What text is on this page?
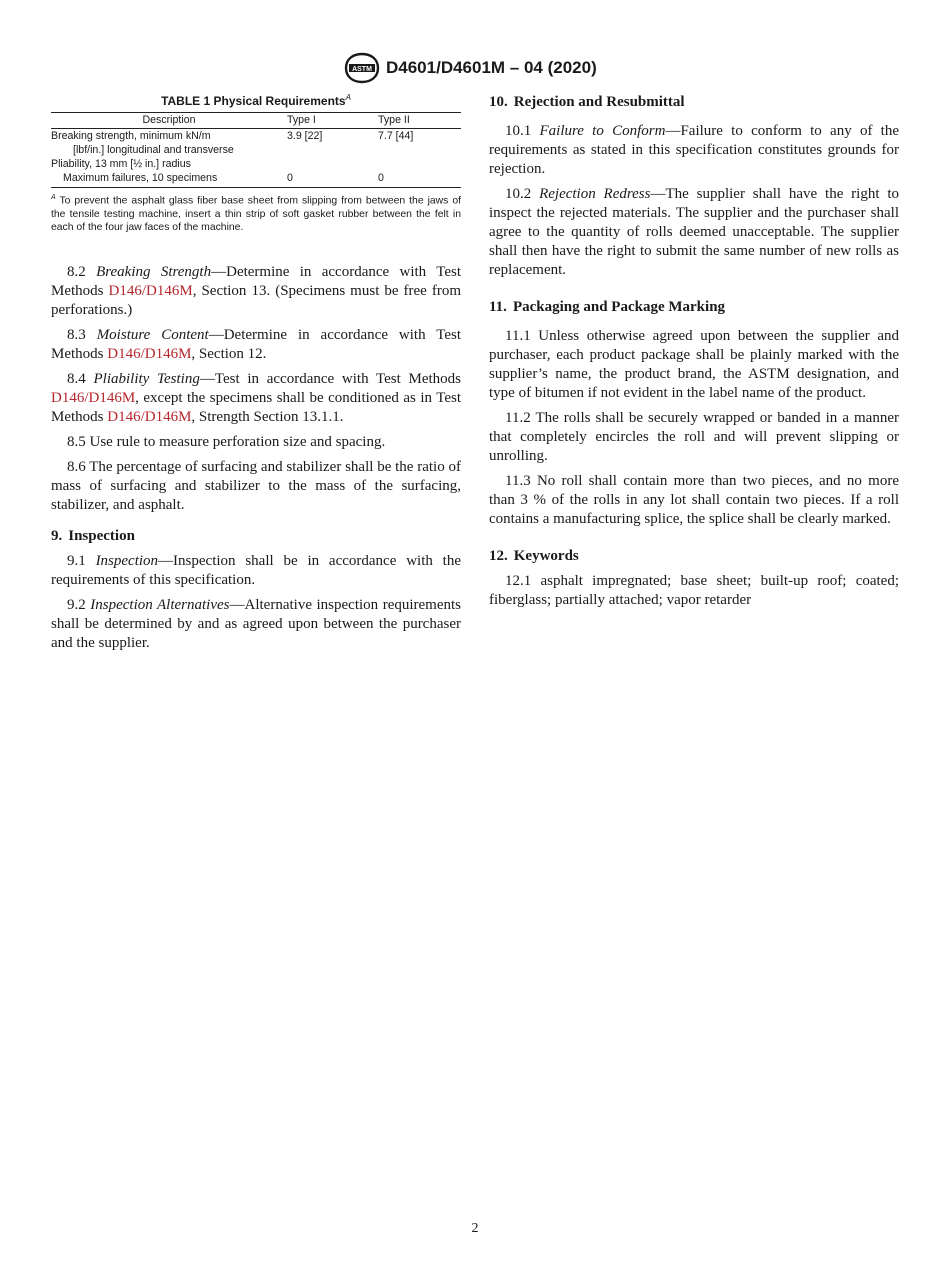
ASTM D4601/D4601M – 04 (2020)
TABLE 1 Physical Requirements$^A$
Description	Type I	Type II
Breaking strength, minimum kN/m	3.9 [22]	7.7 [44]
[lbf/in.] longitudinal and transverse		
Pliability, 13 mm [½ in.] radius		
Maximum failures, 10 specimens	0	0

$^A$ To prevent the asphalt glass fiber base sheet from slipping from between the jaws of the tensile testing machine, insert a thin strip of soft gasket rubber between the felt in each of the four jaw faces of the machine.

8.2 Breaking Strength—Determine in accordance with Test Methods D146/D146M, Section 13. (Specimens must be free from perforations.)

8.3 Moisture Content—Determine in accordance with Test Methods D146/D146M, Section 12.

8.4 Pliability Testing—Test in accordance with Test Methods D146/D146M, except the specimens shall be conditioned as in Test Methods D146/D146M, Strength Section 13.1.1.

8.5 Use rule to measure perforation size and spacing.

8.6 The percentage of surfacing and stabilizer shall be the ratio of mass of surfacing and stabilizer to the mass of the surfacing, stabilizer, and asphalt.

9. Inspection

9.1 Inspection—Inspection shall be in accordance with the requirements of this specification.

9.2 Inspection Alternatives—Alternative inspection requirements shall be determined by and as agreed upon between the purchaser and the supplier.

10. Rejection and Resubmittal

10.1 Failure to Conform—Failure to conform to any of the requirements as stated in this specification constitutes grounds for rejection.

10.2 Rejection Redress—The supplier shall have the right to inspect the rejected materials. The supplier and the purchaser shall agree to the quantity of rolls deemed unacceptable. The supplier shall then have the right to submit the same number of new rolls as replacement.

11. Packaging and Package Marking

11.1 Unless otherwise agreed upon between the supplier and purchaser, each product package shall be plainly marked with the supplier’s name, the product brand, the ASTM designation, and type of bitumen if not evident in the label name of the product.

11.2 The rolls shall be securely wrapped or banded in a manner that completely encircles the roll and will prevent slipping or unrolling.

11.3 No roll shall contain more than two pieces, and no more than 3 % of the rolls in any lot shall contain two pieces. If a roll contains a manufacturing splice, the splice shall be clearly marked.

12. Keywords

12.1 asphalt impregnated; base sheet; built-up roof; coated; fiberglass; partially attached; vapor retarder

2
